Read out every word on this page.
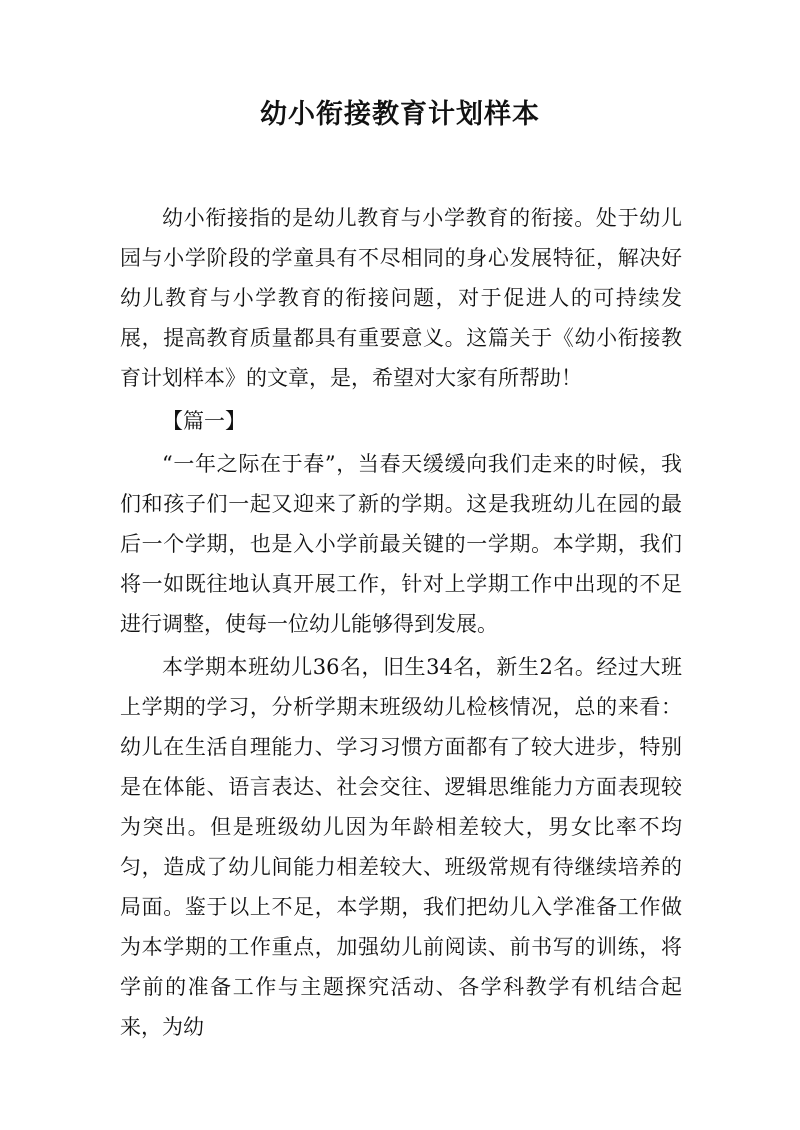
幼小衔接教育计划样本

幼小衔接指的是幼儿教育与小学教育的衔接。处于幼儿园与小学阶段的学童具有不尽相同的身心发展特征，解决好幼儿教育与小学教育的衔接问题，对于促进人的可持续发展，提高教育质量都具有重要意义。这篇关于《幼小衔接教育计划样本》的文章，是，希望对大家有所帮助！

【篇一】

“一年之际在于春”，当春天缓缓向我们走来的时候，我们和孩子们一起又迎来了新的学期。这是我班幼儿在园的最后一个学期，也是入小学前最关键的一学期。本学期，我们将一如既往地认真开展工作，针对上学期工作中出现的不足进行调整，使每一位幼儿能够得到发展。

本学期本班幼儿36名，旧生34名，新生2名。经过大班上学期的学习，分析学期末班级幼儿检核情况，总的来看：幼儿在生活自理能力、学习习惯方面都有了较大进步，特别是在体能、语言表达、社会交往、逻辑思维能力方面表现较为突出。但是班级幼儿因为年龄相差较大，男女比率不均匀，造成了幼儿间能力相差较大、班级常规有待继续培养的局面。鉴于以上不足，本学期，我们把幼儿入学准备工作做为本学期的工作重点，加强幼儿前阅读、前书写的训练，将学前的准备工作与主题探究活动、各学科教学有机结合起来，为幼
